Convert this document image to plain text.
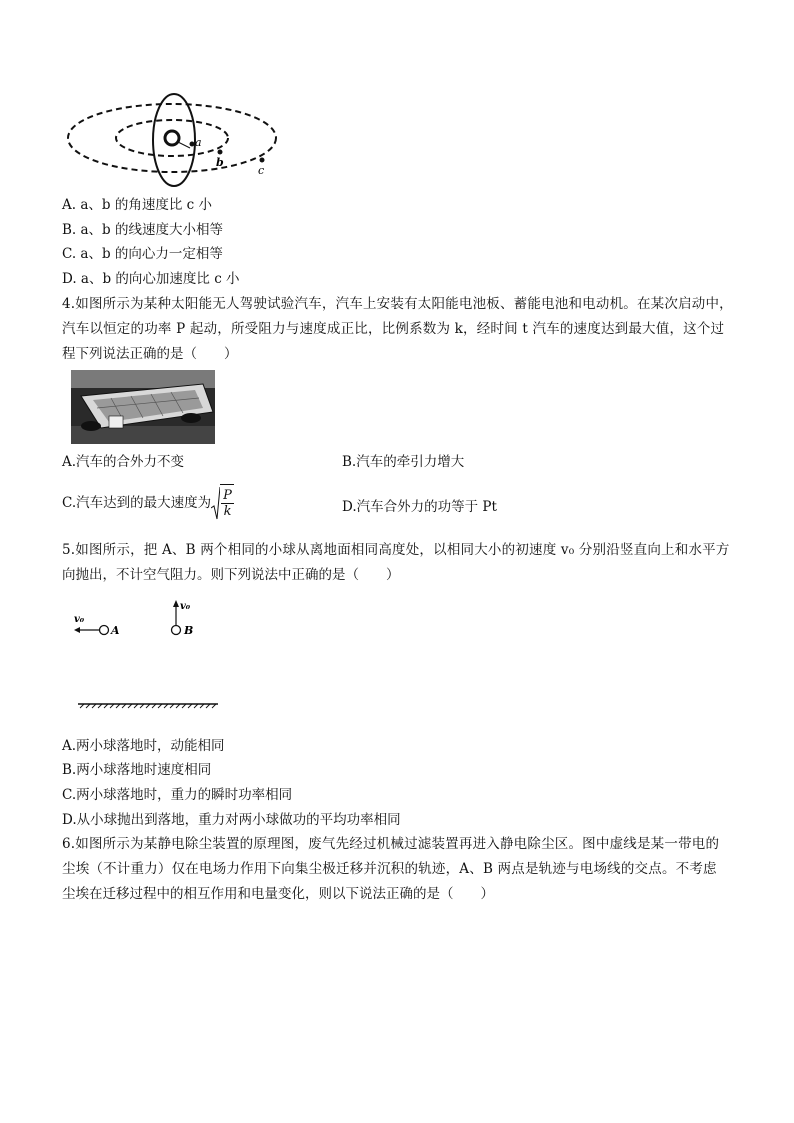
a
b
c
A. a、b 的角速度比 c 小
B. a、b 的线速度大小相等
C. a、b 的向心力一定相等
D. a、b 的向心加速度比 c 小
4.如图所示为某种太阳能无人驾驶试验汽车，汽车上安装有太阳能电池板、蓄能电池和电动机。在某次启动中，
汽车以恒定的功率 P 起动，所受阻力与速度成正比，比例系数为 k，经时间 t 汽车的速度达到最大值，这个过
程下列说法正确的是（　　）
A.汽车的合外力不变	B.汽车的牵引力增大
C.汽车达到的最大速度为 $\frac{P}{k}$	D.汽车合外力的功等于 Pt
5.如图所示，把 A、B 两个相同的小球从离地面相同高度处，以相同大小的初速度 v₀ 分别沿竖直向上和水平方
向抛出，不计空气阻力。则下列说法中正确的是（　　）
v₀
A
v₀
B
A.两小球落地时，动能相同
B.两小球落地时速度相同
C.两小球落地时，重力的瞬时功率相同
D.从小球抛出到落地，重力对两小球做功的平均功率相同
6.如图所示为某静电除尘装置的原理图，废气先经过机械过滤装置再进入静电除尘区。图中虚线是某一带电的
尘埃（不计重力）仅在电场力作用下向集尘极迁移并沉积的轨迹，A、B 两点是轨迹与电场线的交点。不考虑
尘埃在迁移过程中的相互作用和电量变化，则以下说法正确的是（　　）
